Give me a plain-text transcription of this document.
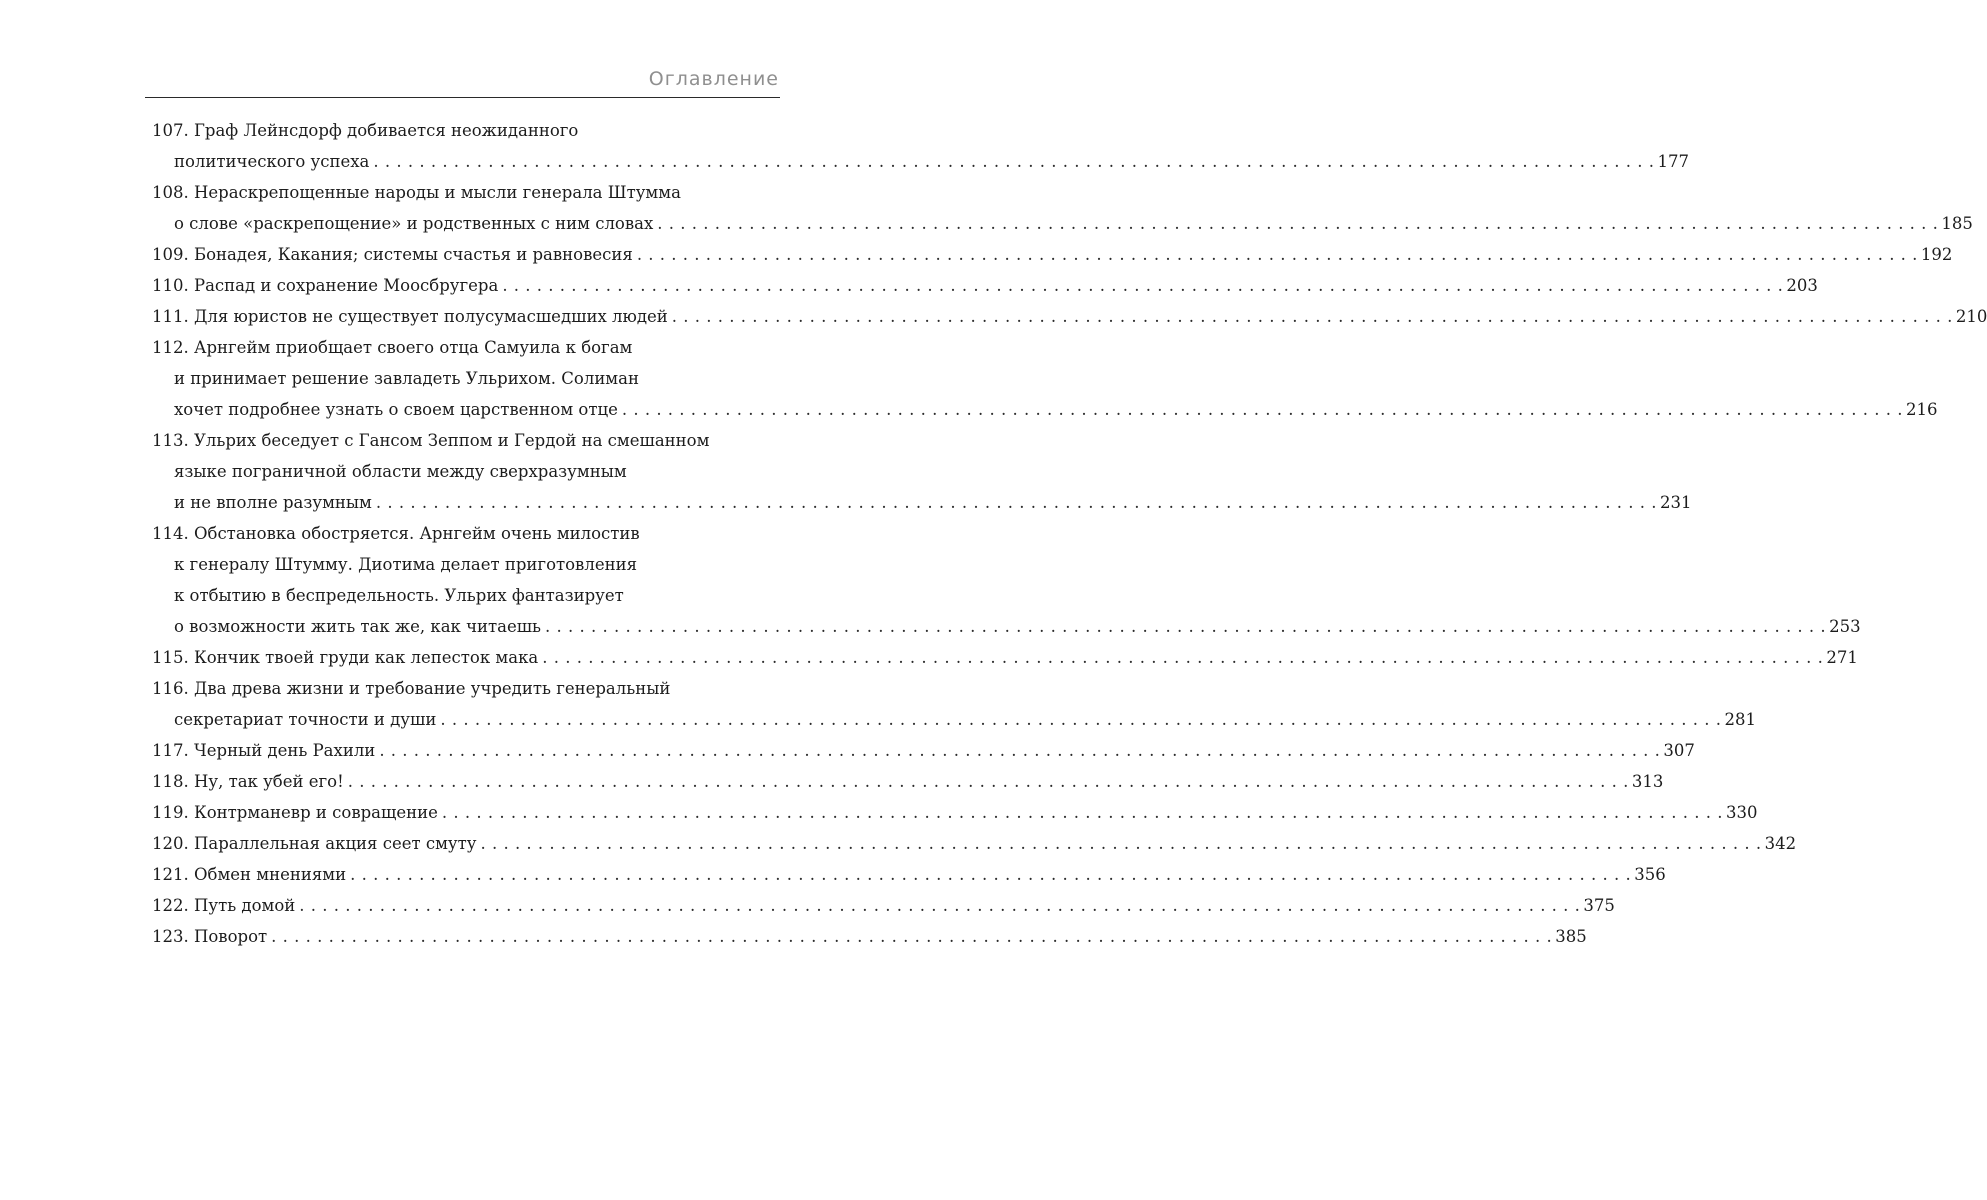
Оглавление
107. Граф Лейнсдорф добивается неожиданного
политического успеха . . . . . . . . . . . . . . . . . . . . . . . . . . . . . . . . . . . . . . . . . . . . . . . . . . . . . . . . . . . . . . . . . . . . . . . . . . . . . . . . . . . . . . . . . . . . . . . . . . . . . . . . . . . . . . . . 177
108. Нераскрепощенные народы и мысли генерала Штумма
о слове «раскрепощение» и родственных с ним словах . . . . . . . . . . . . . . . . . . . . . . . . . . . . . . . . . . . . . . . . . . . . . . . . . . . . . . . . . . . . . . . . . . . . . . . . . . . . . . . . . . . . . . . . . . . . . . . . . . . . . . . . . . . . . . . . 185
109. Бонадея, Какания; системы счастья и равновесия . . . . . . . . . . . . . . . . . . . . . . . . . . . . . . . . . . . . . . . . . . . . . . . . . . . . . . . . . . . . . . . . . . . . . . . . . . . . . . . . . . . . . . . . . . . . . . . . . . . . . . . . . . . . . . . . 192
110. Распад и сохранение Моосбругера . . . . . . . . . . . . . . . . . . . . . . . . . . . . . . . . . . . . . . . . . . . . . . . . . . . . . . . . . . . . . . . . . . . . . . . . . . . . . . . . . . . . . . . . . . . . . . . . . . . . . . . . . . . . . . . . 203
111. Для юристов не существует полусумасшедших людей . . . . . . . . . . . . . . . . . . . . . . . . . . . . . . . . . . . . . . . . . . . . . . . . . . . . . . . . . . . . . . . . . . . . . . . . . . . . . . . . . . . . . . . . . . . . . . . . . . . . . . . . . . . . . . . . 210
112. Арнгейм приобщает своего отца Самуила к богам
и принимает решение завладеть Ульрихом. Солиман
хочет подробнее узнать о своем царственном отце . . . . . . . . . . . . . . . . . . . . . . . . . . . . . . . . . . . . . . . . . . . . . . . . . . . . . . . . . . . . . . . . . . . . . . . . . . . . . . . . . . . . . . . . . . . . . . . . . . . . . . . . . . . . . . . . 216
113. Ульрих беседует с Гансом Зеппом и Гердой на смешанном
языке пограничной области между сверхразумным
и не вполне разумным . . . . . . . . . . . . . . . . . . . . . . . . . . . . . . . . . . . . . . . . . . . . . . . . . . . . . . . . . . . . . . . . . . . . . . . . . . . . . . . . . . . . . . . . . . . . . . . . . . . . . . . . . . . . . . . . 231
114. Обстановка обостряется. Арнгейм очень милостив
к генералу Штумму. Диотима делает приготовления
к отбытию в беспредельность. Ульрих фантазирует
о возможности жить так же, как читаешь . . . . . . . . . . . . . . . . . . . . . . . . . . . . . . . . . . . . . . . . . . . . . . . . . . . . . . . . . . . . . . . . . . . . . . . . . . . . . . . . . . . . . . . . . . . . . . . . . . . . . . . . . . . . . . . . 253
115. Кончик твоей груди как лепесток мака . . . . . . . . . . . . . . . . . . . . . . . . . . . . . . . . . . . . . . . . . . . . . . . . . . . . . . . . . . . . . . . . . . . . . . . . . . . . . . . . . . . . . . . . . . . . . . . . . . . . . . . . . . . . . . . . 271
116. Два древа жизни и требование учредить генеральный
секретариат точности и души . . . . . . . . . . . . . . . . . . . . . . . . . . . . . . . . . . . . . . . . . . . . . . . . . . . . . . . . . . . . . . . . . . . . . . . . . . . . . . . . . . . . . . . . . . . . . . . . . . . . . . . . . . . . . . . . 281
117. Черный день Рахили . . . . . . . . . . . . . . . . . . . . . . . . . . . . . . . . . . . . . . . . . . . . . . . . . . . . . . . . . . . . . . . . . . . . . . . . . . . . . . . . . . . . . . . . . . . . . . . . . . . . . . . . . . . . . . . . 307
118. Ну, так убей его! . . . . . . . . . . . . . . . . . . . . . . . . . . . . . . . . . . . . . . . . . . . . . . . . . . . . . . . . . . . . . . . . . . . . . . . . . . . . . . . . . . . . . . . . . . . . . . . . . . . . . . . . . . . . . . . . 313
119. Контрманевр и совращение . . . . . . . . . . . . . . . . . . . . . . . . . . . . . . . . . . . . . . . . . . . . . . . . . . . . . . . . . . . . . . . . . . . . . . . . . . . . . . . . . . . . . . . . . . . . . . . . . . . . . . . . . . . . . . . . 330
120. Параллельная акция сеет смуту . . . . . . . . . . . . . . . . . . . . . . . . . . . . . . . . . . . . . . . . . . . . . . . . . . . . . . . . . . . . . . . . . . . . . . . . . . . . . . . . . . . . . . . . . . . . . . . . . . . . . . . . . . . . . . . . 342
121. Обмен мнениями . . . . . . . . . . . . . . . . . . . . . . . . . . . . . . . . . . . . . . . . . . . . . . . . . . . . . . . . . . . . . . . . . . . . . . . . . . . . . . . . . . . . . . . . . . . . . . . . . . . . . . . . . . . . . . . . 356
122. Путь домой . . . . . . . . . . . . . . . . . . . . . . . . . . . . . . . . . . . . . . . . . . . . . . . . . . . . . . . . . . . . . . . . . . . . . . . . . . . . . . . . . . . . . . . . . . . . . . . . . . . . . . . . . . . . . . . . 375
123. Поворот . . . . . . . . . . . . . . . . . . . . . . . . . . . . . . . . . . . . . . . . . . . . . . . . . . . . . . . . . . . . . . . . . . . . . . . . . . . . . . . . . . . . . . . . . . . . . . . . . . . . . . . . . . . . . . . . 385
